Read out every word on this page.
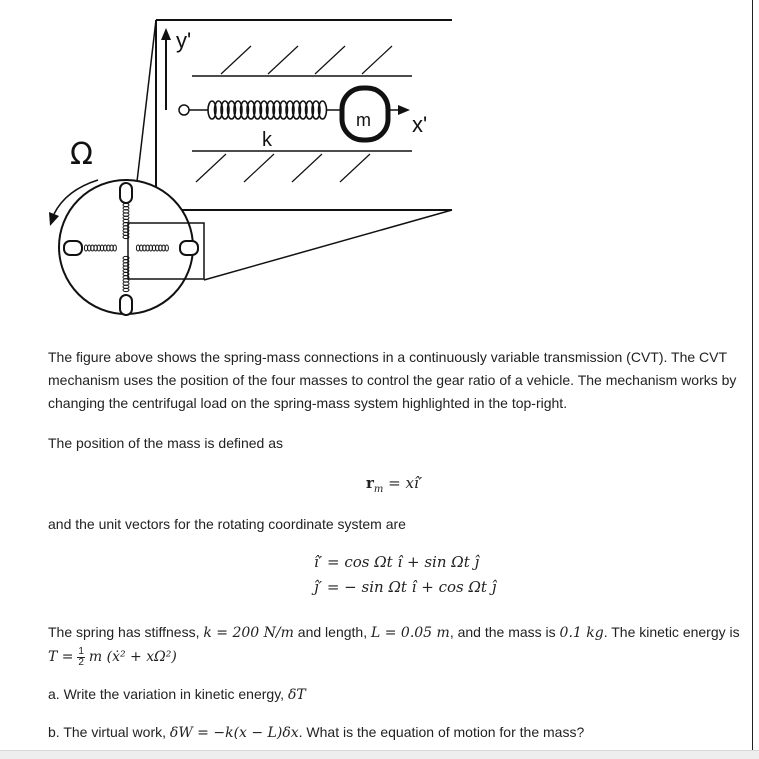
m x'
y'
k
Ω

The figure above shows the spring-mass connections in a continuously variable transmission (CVT). The CVT mechanism uses the position of the four masses to control the gear ratio of a vehicle. The mechanism works by changing the centrifugal load on the spring-mass system highlighted in the top-right.

The position of the mass is defined as

$r_m$ = xî′

and the unit vectors for the rotating coordinate system are

î′ = cos Ωt î + sin Ωt ĵ
ĵ′ = − sin Ωt î + cos Ωt ĵ
The spring has stiffness, k = 200 N/m and length, L = 0.05 m, and the mass is 0.1 kg. The kinetic energy is $T = \frac{1}{2}$ m (ẋ² + xΩ²)
a. Write the variation in kinetic energy, δT
b. The virtual work, δW = −k(x − L)δx. What is the equation of motion for the mass?
